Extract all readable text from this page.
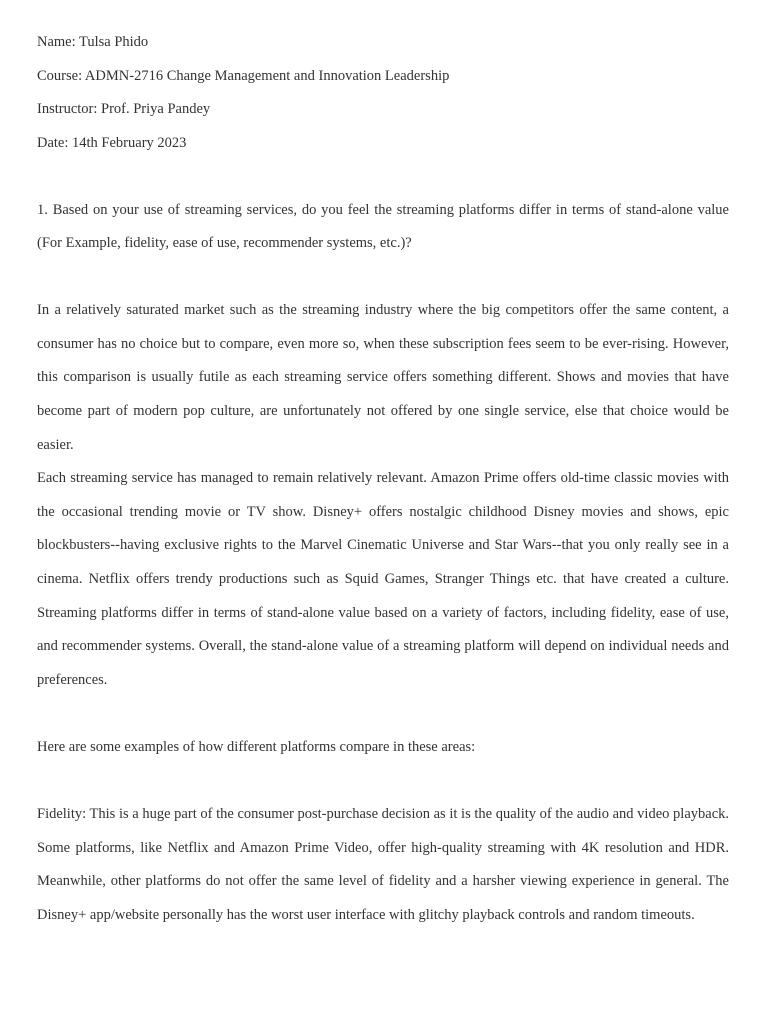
Name: Tulsa Phido
Course: ADMN-2716 Change Management and Innovation Leadership
Instructor: Prof. Priya Pandey
Date: 14th February 2023

1. Based on your use of streaming services, do you feel the streaming platforms differ in terms of stand-alone value (For Example, fidelity, ease of use, recommender systems, etc.)?

In a relatively saturated market such as the streaming industry where the big competitors offer the same content, a consumer has no choice but to compare, even more so, when these subscription fees seem to be ever-rising. However, this comparison is usually futile as each streaming service offers something different. Shows and movies that have become part of modern pop culture, are unfortunately not offered by one single service, else that choice would be easier.

Each streaming service has managed to remain relatively relevant. Amazon Prime offers old-time classic movies with the occasional trending movie or TV show. Disney+ offers nostalgic childhood Disney movies and shows, epic blockbusters--having exclusive rights to the Marvel Cinematic Universe and Star Wars--that you only really see in a cinema. Netflix offers trendy productions such as Squid Games, Stranger Things etc. that have created a culture. Streaming platforms differ in terms of stand-alone value based on a variety of factors, including fidelity, ease of use, and recommender systems. Overall, the stand-alone value of a streaming platform will depend on individual needs and preferences.

Here are some examples of how different platforms compare in these areas:

Fidelity: This is a huge part of the consumer post-purchase decision as it is the quality of the audio and video playback. Some platforms, like Netflix and Amazon Prime Video, offer high-quality streaming with 4K resolution and HDR. Meanwhile, other platforms do not offer the same level of fidelity and a harsher viewing experience in general. The Disney+ app/website personally has the worst user interface with glitchy playback controls and random timeouts.
